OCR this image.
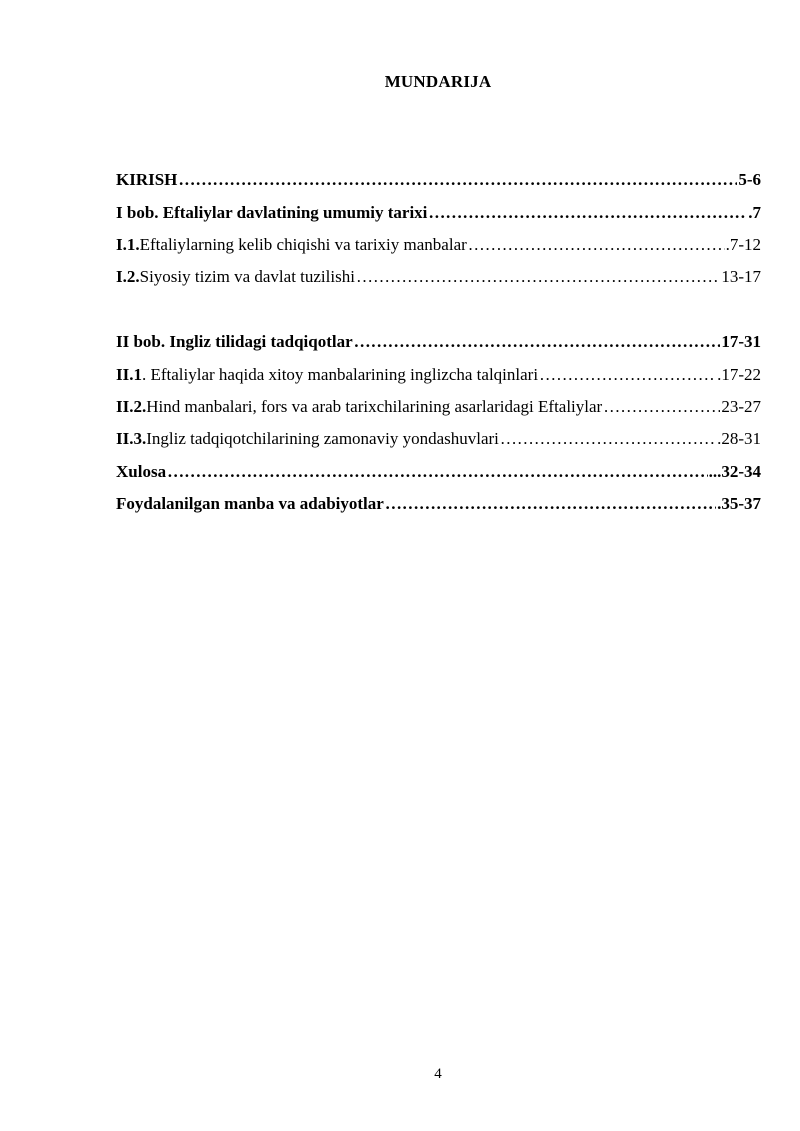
MUNDARIJA
KIRISH ………………………………………………………………………………………………………………………………………………………………	5-6
I bob. Eftaliylar davlatining umumiy tarixi ………………………………………………………………………………………………………………………………………………………………	.7
I.1. Eftaliylarning kelib chiqishi va tarixiy manbalar ………………………………………………………………………………………………………………………………………………………………	.7-12
I.2. Siyosiy tizim va davlat tuzilishi ………………………………………………………………………………………………………………………………………………………………	13-17
II bob. Ingliz tilidagi tadqiqotlar ………………………………………………………………………………………………………………………………………………………………	17-31
II.1 . Eftaliylar haqida xitoy manbalarining inglizcha talqinlari ………………………………………………………………………………………………………………………………………………………………	.17-22
II.2. Hind manbalari, fors va arab tarixchilarining asarlaridagi Eftaliylar ………………………………………………………………………………………………………………………………………………………………	23-27
II.3. Ingliz tadqiqotchilarining zamonaviy yondashuvlari ………………………………………………………………………………………………………………………………………………………………	.28-31
Xulosa ………………………………………………………………………………………………………………………………………………………………	...32-34
Foydalanilgan manba va adabiyotlar ………………………………………………………………………………………………………………………………………………………………	.35-37
4
